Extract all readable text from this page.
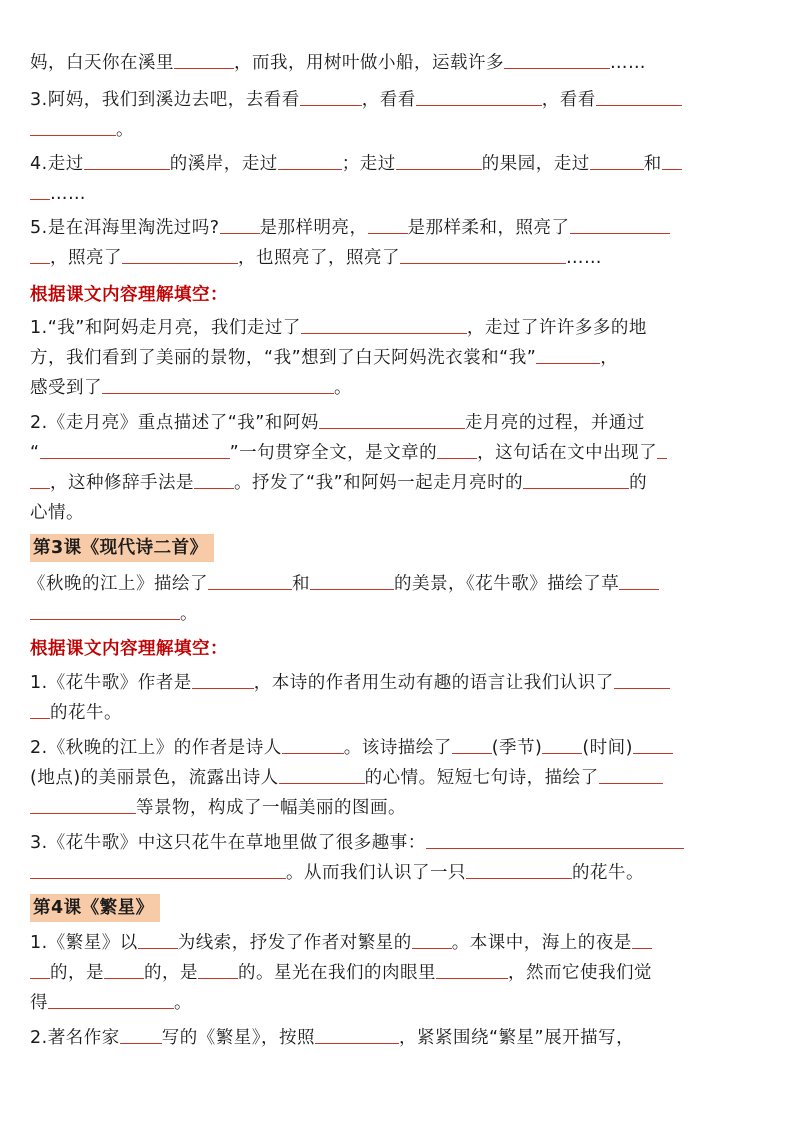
妈，白天你在溪里	，而我，用树叶做小船，运载许多	……
3.阿妈，我们到溪边去吧，去看看	，看看	，看看
。
4.走过	的溪岸，走过	；走过	的果园，走过	和
……
5.是在洱海里淘洗过吗? 是那样明亮， 是那样柔和，照亮了
，照亮了	，也照亮了，照亮了	……
根据课文内容理解填空：
1.“我”和阿妈走月亮，我们走过了	，走过了许许多多的地
方，我们看到了美丽的景物，“我”想到了白天阿妈洗衣裳和“我”	，
感受到了	。
2.《走月亮》重点描述了“我”和阿妈	走月亮的过程，并通过
“	”一句贯穿全文，是文章的 ，这句话在文中出现了
，这种修辞手法是 。抒发了“我”和阿妈一起走月亮时的	的
心情。
第3课《现代诗二首》
《秋晚的江上》描绘了	和	的美景，《花牛歌》描绘了草
。
根据课文内容理解填空：
1.《花牛歌》作者是	，本诗的作者用生动有趣的语言让我们认识了
的花牛。
2.《秋晚的江上》的作者是诗人	。该诗描绘了 (季节) (时间)
(地点)的美丽景色，流露出诗人	的心情。短短七句诗，描绘了
等景物，构成了一幅美丽的图画。
3.《花牛歌》中这只花牛在草地里做了很多趣事：
。从而我们认识了一只	的花牛。
第4课《繁星》
1.《繁星》以 为线索，抒发了作者对繁星的 。本课中，海上的夜是
的，是 的，是 的。星光在我们的肉眼里	，然而它使我们觉
得	。
2.著名作家 写的《繁星》，按照	，紧紧围绕“繁星”展开描写，
